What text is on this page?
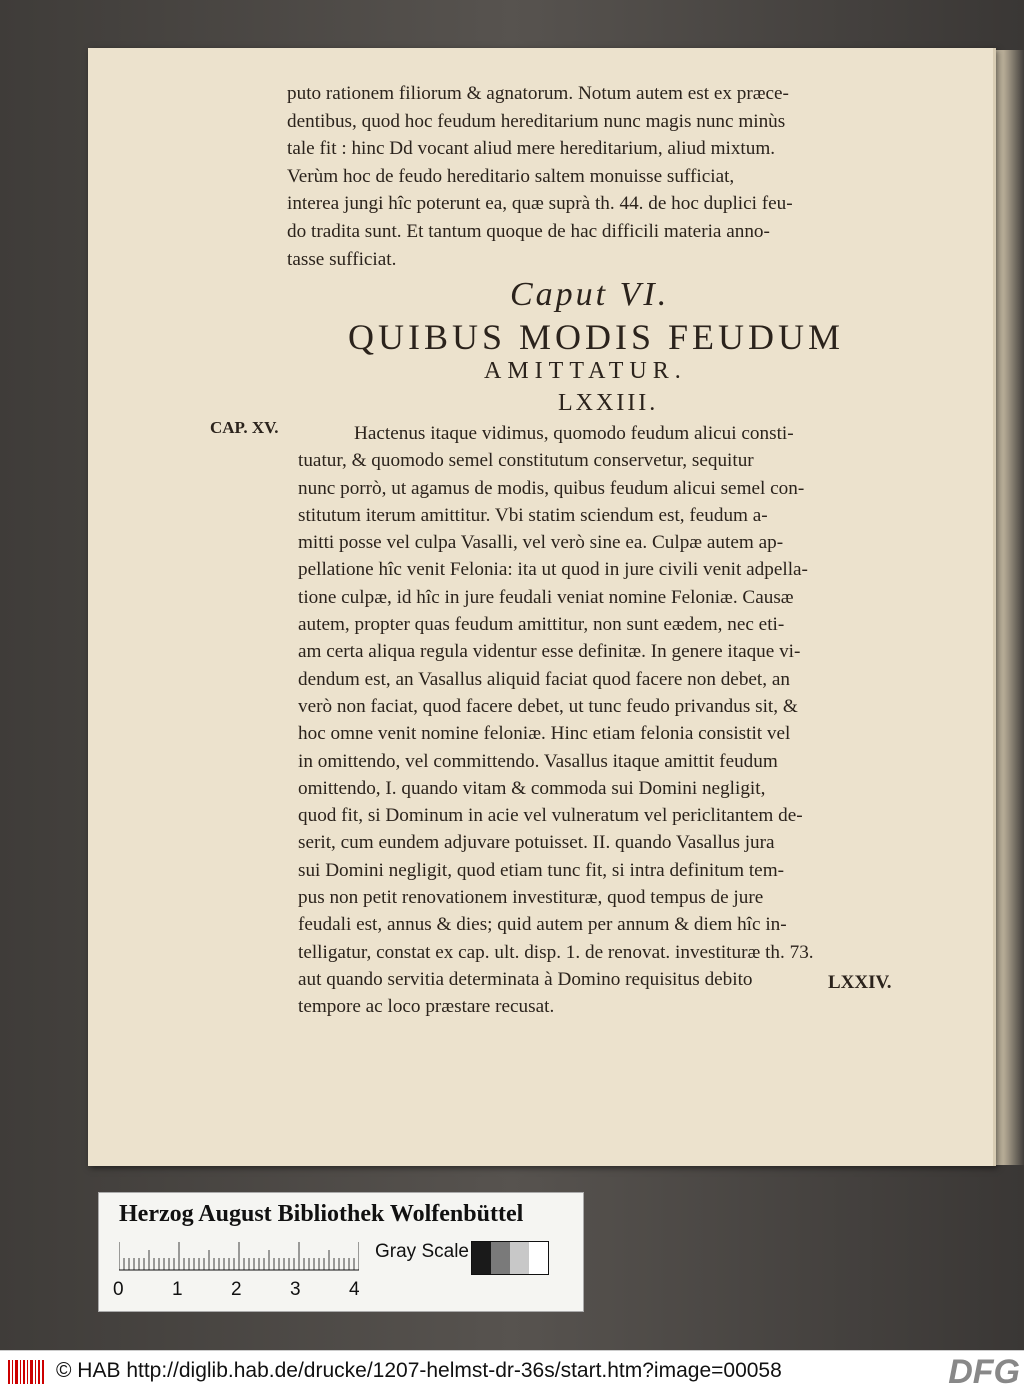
puto rationem filiorum & agnatorum. Notum autem est ex præce-
dentibus, quod hoc feudum hereditarium nunc magis nunc minùs
tale fit : hinc Dd vocant aliud mere hereditarium, aliud mixtum.
Verùm hoc de feudo hereditario saltem monuisse sufficiat,
interea jungi hîc poterunt ea, quæ suprà th. 44. de hoc duplici feu-
do tradita sunt. Et tantum quoque de hac difficili materia anno-
tasse sufficiat.
Caput VI.
QUIBUS MODIS FEUDUM
AMITTATUR.
LXXIII.
CAP. XV.	Hactenus itaque vidimus, quomodo feudum alicui consti-
tuatur, & quomodo semel constitutum conservetur, sequitur
nunc porrò, ut agamus de modis, quibus feudum alicui semel con-
stitutum iterum amittitur. Vbi statim sciendum est, feudum a-
mitti posse vel culpa Vasalli, vel verò sine ea. Culpæ autem ap-
pellatione hîc venit Felonia: ita ut quod in jure civili venit adpella-
tione culpæ, id hîc in jure feudali veniat nomine Feloniæ. Causæ
autem, propter quas feudum amittitur, non sunt eædem, nec eti-
am certa aliqua regula videntur esse definitæ. In genere itaque vi-
dendum est, an Vasallus aliquid faciat quod facere non debet, an
verò non faciat, quod facere debet, ut tunc feudo privandus sit, &
hoc omne venit nomine feloniæ. Hinc etiam felonia consistit vel
in omittendo, vel committendo. Vasallus itaque amittit feudum
omittendo, I. quando vitam & commoda sui Domini negligit,
quod fit, si Dominum in acie vel vulneratum vel periclitantem de-
serit, cum eundem adjuvare potuisset. II. quando Vasallus jura
sui Domini negligit, quod etiam tunc fit, si intra definitum tem-
pus non petit renovationem investituræ, quod tempus de jure
feudali est, annus & dies; quid autem per annum & diem hîc in-
telligatur, constat ex cap. ult. disp. 1. de renovat. investituræ th. 73.
aut quando servitia determinata à Domino requisitus debito
tempore ac loco præstare recusat.
LXXIV.
Herzog August Bibliothek Wolfenbüttel
Gray Scale
0	1	2	3	4
© HAB http://diglib.hab.de/drucke/1207-helmst-dr-36s/start.htm?image=00058	DFG
